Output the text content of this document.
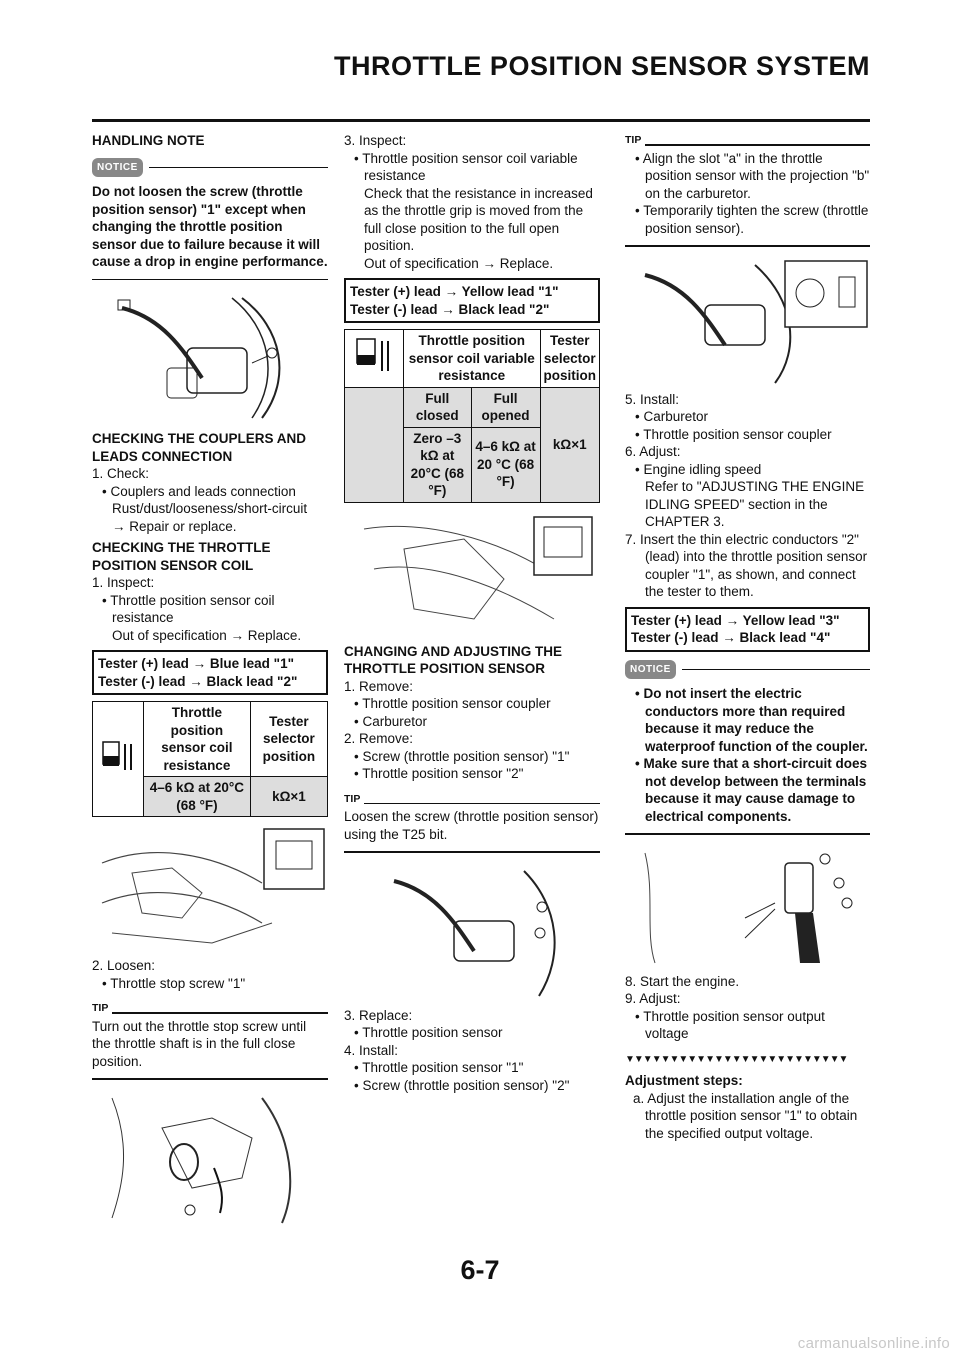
THROTTLE POSITION SENSOR SYSTEM

HANDLING NOTE

NOTICE

Do not loosen the screw (throttle position sensor) "1" except when changing the throttle position sensor due to failure because it will cause a drop in engine performance.

CHECKING THE COUPLERS AND LEADS CONNECTION

1. Check:

• Couplers and leads connection

Rust/dust/looseness/short-circuit

→ Repair or replace.

CHECKING THE THROTTLE POSITION SENSOR COIL

1. Inspect:

• Throttle position sensor coil resistance

Out of specification → Replace.

Tester (+) lead → Blue lead "1"
Tester (-) lead → Black lead "2"
	Throttle position sensor coil resistance	Tester selector position
	4–6 kΩ at 20°C (68 °F)	kΩ×1

2. Loosen:

• Throttle stop screw "1"

TIP

Turn out the throttle stop screw until the throttle shaft is in the full close position.

3. Inspect:

• Throttle position sensor coil variable resistance

Check that the resistance in increased as the throttle grip is moved from the full close position to the full open position.

Out of specification → Replace.

Tester (+) lead → Yellow lead "1"
Tester (-) lead → Black lead "2"
	Throttle position sensor coil variable resistance		Tester selector position

	Full closed	Full opened	kΩ×1
	Zero –3 kΩ at 20°C (68 °F)	4–6 kΩ at 20 °C (68 °F)	

CHANGING AND ADJUSTING THE THROTTLE POSITION SENSOR

1. Remove:

• Throttle position sensor coupler

• Carburetor

2. Remove:

• Screw (throttle position sensor) "1"

• Throttle position sensor "2"

TIP

Loosen the screw (throttle position sensor) using the T25 bit.

3. Replace:

• Throttle position sensor

4. Install:

• Throttle position sensor "1"

• Screw (throttle position sensor) "2"

TIP

• Align the slot "a" in the throttle position sensor with the projection "b" on the carburetor.

• Temporarily tighten the screw (throttle position sensor).

5. Install:

• Carburetor

• Throttle position sensor coupler

6. Adjust:

• Engine idling speed

Refer to "ADJUSTING THE ENGINE IDLING SPEED" section in the CHAPTER 3.

7. Insert the thin electric conductors "2" (lead) into the throttle position sensor coupler "1", as shown, and connect the tester to them.

Tester (+) lead → Yellow lead "3"
Tester (-) lead → Black lead "4"
NOTICE

• Do not insert the electric conductors more than required because it may reduce the waterproof function of the coupler.

• Make sure that a short-circuit does not develop between the terminals because it may cause damage to electrical components.

8. Start the engine.

9. Adjust:

• Throttle position sensor output voltage

▼▼▼▼▼▼▼▼▼▼▼▼▼▼▼▼▼▼▼▼▼▼▼▼▼

Adjustment steps:

a. Adjust the installation angle of the throttle position sensor "1" to obtain the specified output voltage.

6-7
carmanualsonline.info
